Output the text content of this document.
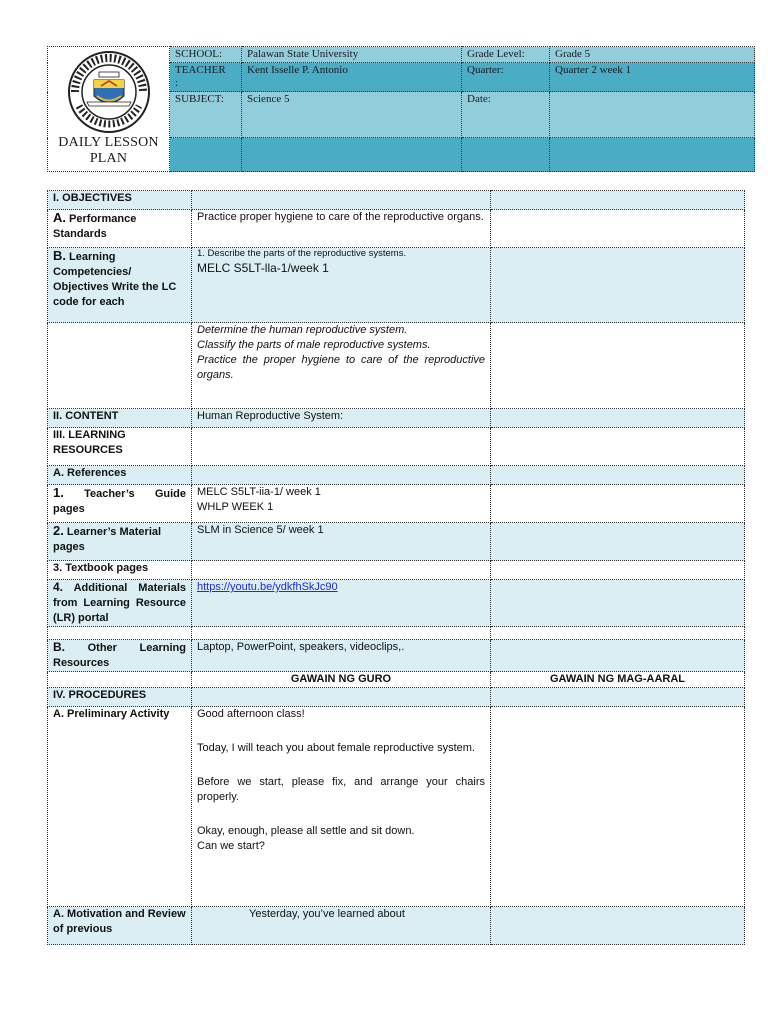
DAILY LESSON
PLAN	SCHOOL:	Palawan State University	Grade Level:	Grade 5
	TEACHER
:	Kent Isselle P. Antonio	Quarter:	Quarter 2 week 1
	SUBJECT:	Science 5	Date:	

I. OBJECTIVES		
A. Performance Standards	Practice proper hygiene to care of the reproductive organs.	
B. Learning Competencies/ Objectives Write the LC code for each	1. Describe the parts of the reproductive systems.
MELC S5LT-lla-1/week 1	

	Determine the human reproductive system.
Classify the parts of male reproductive systems.
Practice the proper hygiene to care of the reproductive organs.	

II. CONTENT	Human Reproductive System:	
III. LEARNING RESOURCES		
A. References		
1. Teacher’s Guide pages	MELC S5LT-iia-1/ week 1
WHLP WEEK 1	

2. Learner’s Material pages	SLM in Science 5/ week 1	
3. Textbook pages		
4. Additional Materials from Learning Resource (LR) portal	https://youtu.be/ydkfhSkJc90	

B. Other Learning Resources	Laptop, PowerPoint, speakers, videoclips,.	
	GAWAIN NG GURO	GAWAIN NG MAG-AARAL
IV. PROCEDURES		
A. Preliminary Activity	Good afternoon class!

Today, I will teach you about female reproductive system.

Before we start, please fix, and arrange your chairs properly.

Okay, enough, please all settle and sit down.
Can we start?	

A. Motivation and Review of previous	Yesterday, you’ve learned about	
